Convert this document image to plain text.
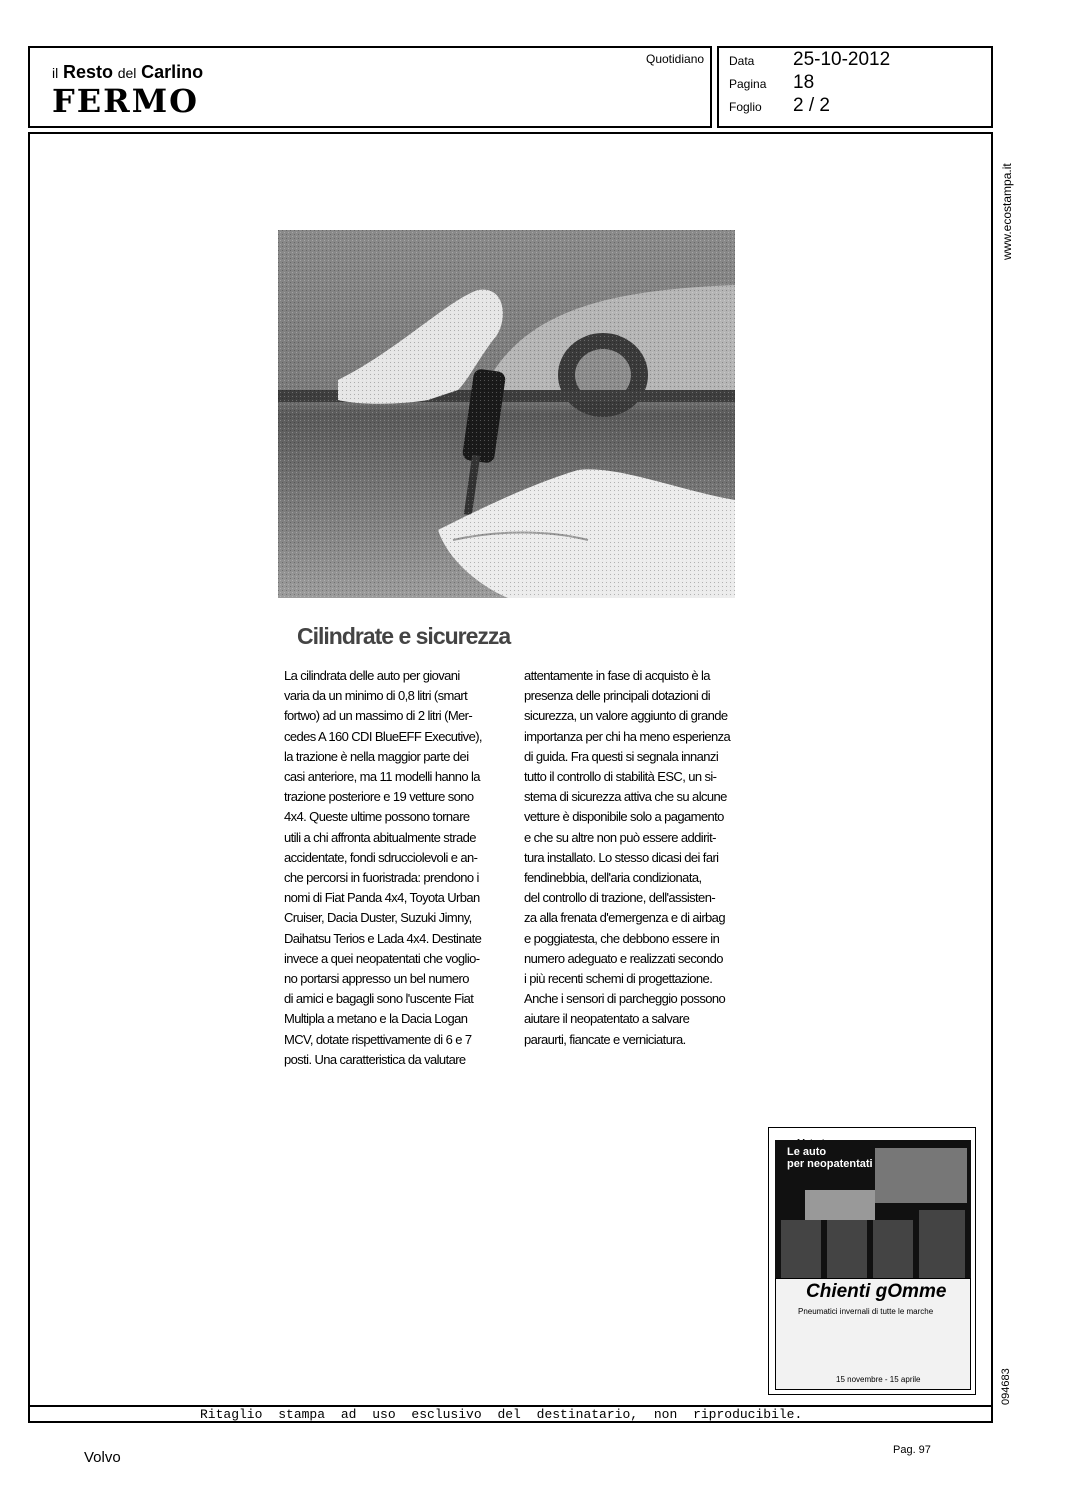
il Resto del Carlino
FERMO
Quotidiano Data 25-10-2012
Pagina 18
Foglio 2 / 2
www.ecostampa.it
094683
Ritaglio stampa ad uso esclusivo del destinatario, non riproducibile.
Cilindrate e sicurezza
La cilindrata delle auto per giovani
varia da un minimo di 0,8 litri (smart
fortwo) ad un massimo di 2 litri (Mer-
cedes A 160 CDI BlueEFF Executive),
la trazione è nella maggior parte dei
casi anteriore, ma 11 modelli hanno la
trazione posteriore e 19 vetture sono
4x4. Queste ultime possono tornare
utili a chi affronta abitualmente strade
accidentate, fondi sdrucciolevoli e an-
che percorsi in fuoristrada: prendono i
nomi di Fiat Panda 4x4, Toyota Urban
Cruiser, Dacia Duster, Suzuki Jimny,
Daihatsu Terios e Lada 4x4. Destinate
invece a quei neopatentati che voglio-
no portarsi appresso un bel numero
di amici e bagagli sono l'uscente Fiat
Multipla a metano e la Dacia Logan
MCV, dotate rispettivamente di 6 e 7
posti. Una caratteristica da valutare
attentamente in fase di acquisto è la
presenza delle principali dotazioni di
sicurezza, un valore aggiunto di grande
importanza per chi ha meno esperienza
di guida. Fra questi si segnala innanzi
tutto il controllo di stabilità ESC, un si-
stema di sicurezza attiva che su alcune
vetture è disponibile solo a pagamento
e che su altre non può essere addirit-
tura installato. Lo stesso dicasi dei fari
fendinebbia, dell'aria condizionata,
del controllo di trazione, dell'assisten-
za alla frenata d'emergenza e di airbag
e poggiatesta, che debbono essere in
numero adeguato e realizzati secondo
i più recenti schemi di progettazione.
Anche i sensori di parcheggio possono
aiutare il neopatentato a salvare
paraurti, fiancate e verniciatura.
Le auto
per neopatentati
Chienti gOmme
Pneumatici invernali di tutte le marche
15 novembre - 15 aprile
Volvo	Pag. 97
